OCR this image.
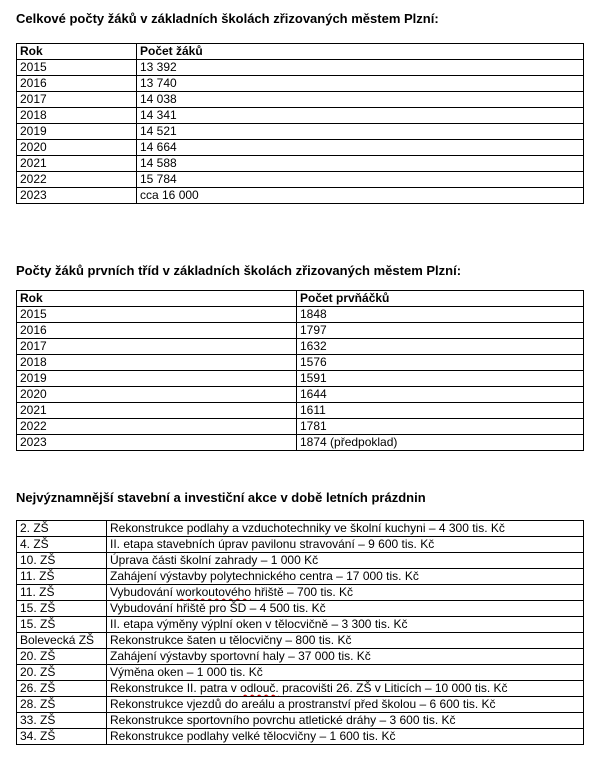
Celkové počty žáků v základních školách zřizovaných městem Plzní:

Rok	Počet žáků
2015	13 392
2016	13 740
2017	14 038
2018	14 341
2019	14 521
2020	14 664
2021	14 588
2022	15 784
2023	cca 16 000

Počty žáků prvních tříd v základních školách zřizovaných městem Plzní:

Rok	Počet prvňáčků
2015	1848
2016	1797
2017	1632
2018	1576
2019	1591
2020	1644
2021	1611
2022	1781
2023	1874 (předpoklad)

Nejvýznamnější stavební a investiční akce v době letních prázdnin

2. ZŠ	Rekonstrukce podlahy a vzduchotechniky ve školní kuchyni – 4 300 tis. Kč
4. ZŠ	II. etapa stavebních úprav pavilonu stravování – 9 600 tis. Kč
10. ZŠ	Úprava části školní zahrady – 1 000 Kč
11. ZŠ	Zahájení výstavby polytechnického centra – 17 000 tis. Kč
11. ZŠ	Vybudování workoutového hřiště – 700 tis. Kč
15. ZŠ	Vybudování hřiště pro ŠD – 4 500 tis. Kč
15. ZŠ	II. etapa výměny výplní oken v tělocvičně – 3 300 tis. Kč
Bolevecká ZŠ	Rekonstrukce šaten u tělocvičny – 800 tis. Kč
20. ZŠ	Zahájení výstavby sportovní haly – 37 000 tis. Kč
20. ZŠ	Výměna oken – 1 000 tis. Kč
26. ZŠ	Rekonstrukce II. patra v odlouč. pracovišti 26. ZŠ v Liticích – 10 000 tis. Kč
28. ZŠ	Rekonstrukce vjezdů do areálu a prostranství před školou – 6 600 tis. Kč
33. ZŠ	Rekonstrukce sportovního povrchu atletické dráhy – 3 600 tis. Kč
34. ZŠ	Rekonstrukce podlahy velké tělocvičny – 1 600 tis. Kč
